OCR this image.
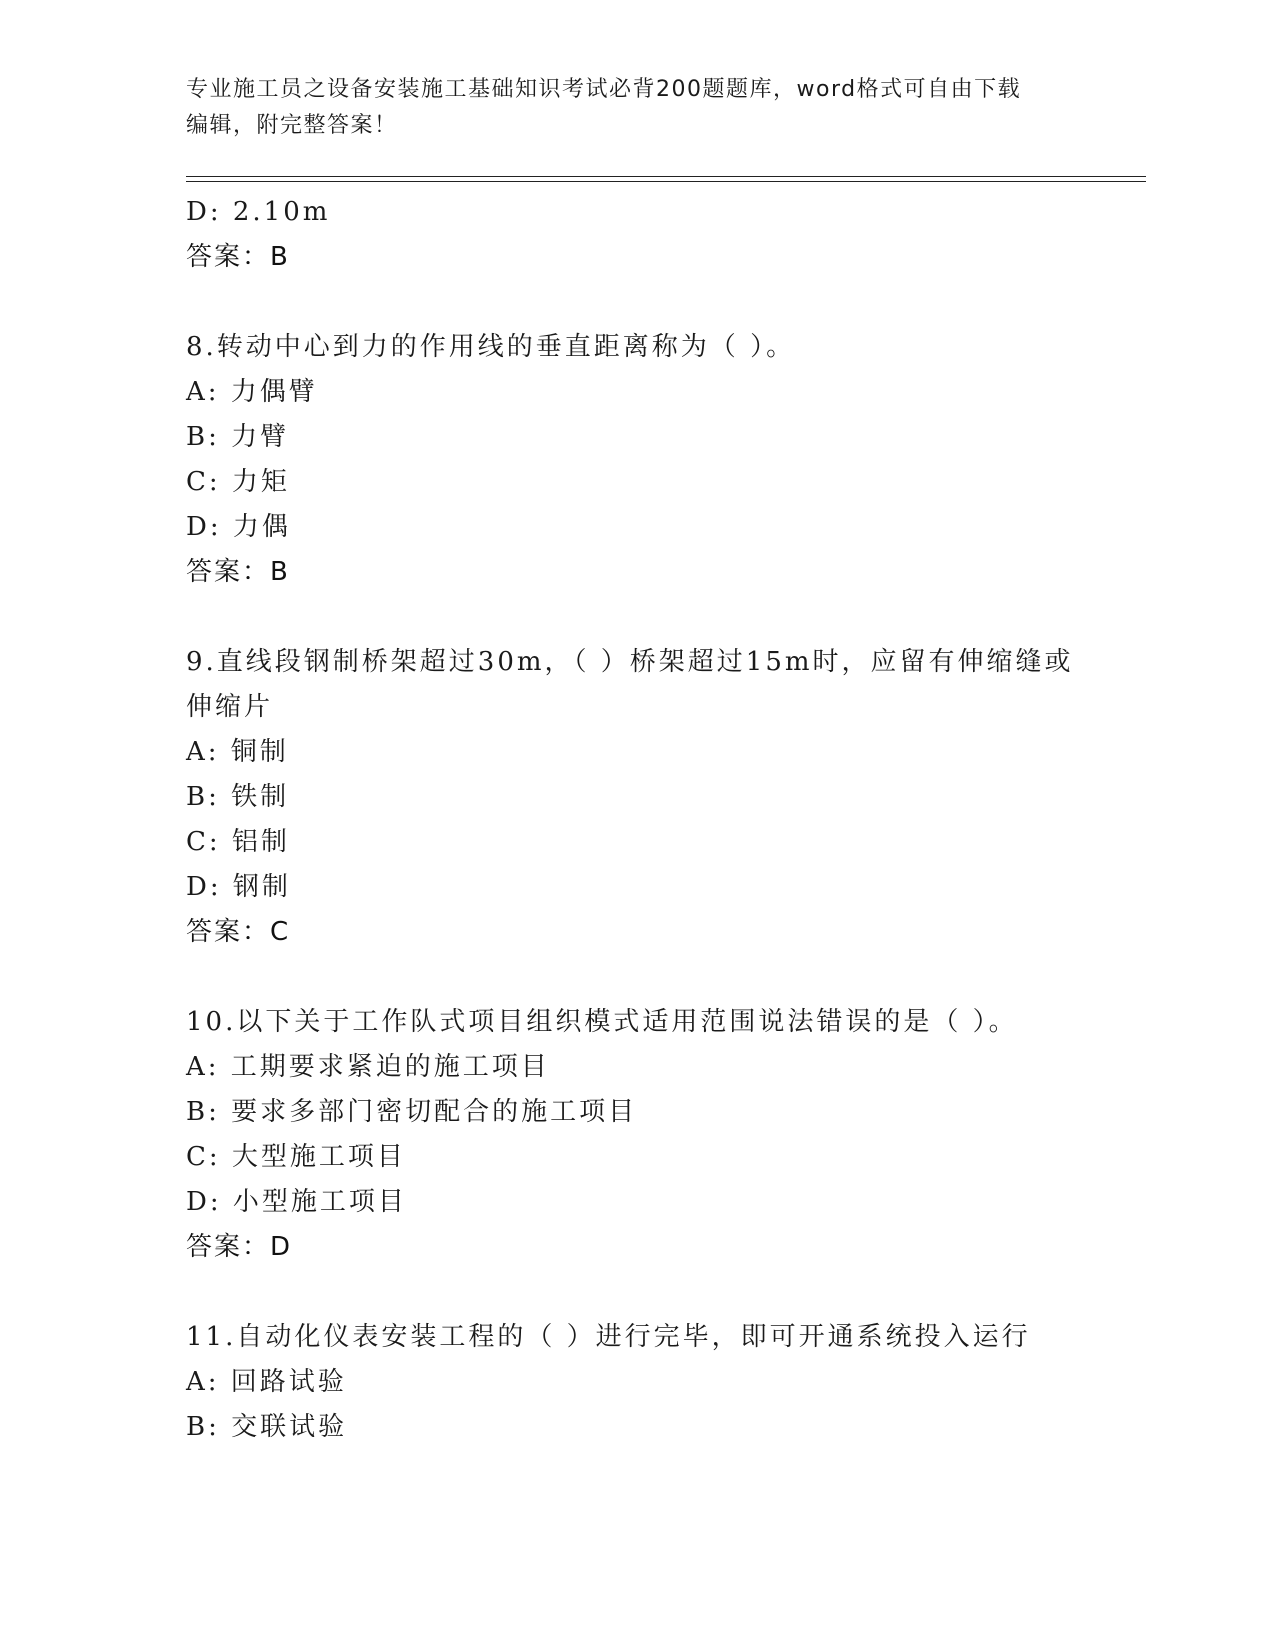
专业施工员之设备安装施工基础知识考试必背200题题库，word格式可自由下载
编辑，附完整答案！
D: 2.10m
答案：B
8.转动中心到力的作用线的垂直距离称为（ ）。
A: 力偶臂
B: 力臂
C: 力矩
D: 力偶
答案：B
9.直线段钢制桥架超过30m，（ ）桥架超过15m时，应留有伸缩缝或
伸缩片
A: 铜制
B: 铁制
C: 铝制
D: 钢制
答案：C
10.以下关于工作队式项目组织模式适用范围说法错误的是（ ）。
A: 工期要求紧迫的施工项目
B: 要求多部门密切配合的施工项目
C: 大型施工项目
D: 小型施工项目
答案：D
11.自动化仪表安装工程的（ ）进行完毕，即可开通系统投入运行
A: 回路试验
B: 交联试验
